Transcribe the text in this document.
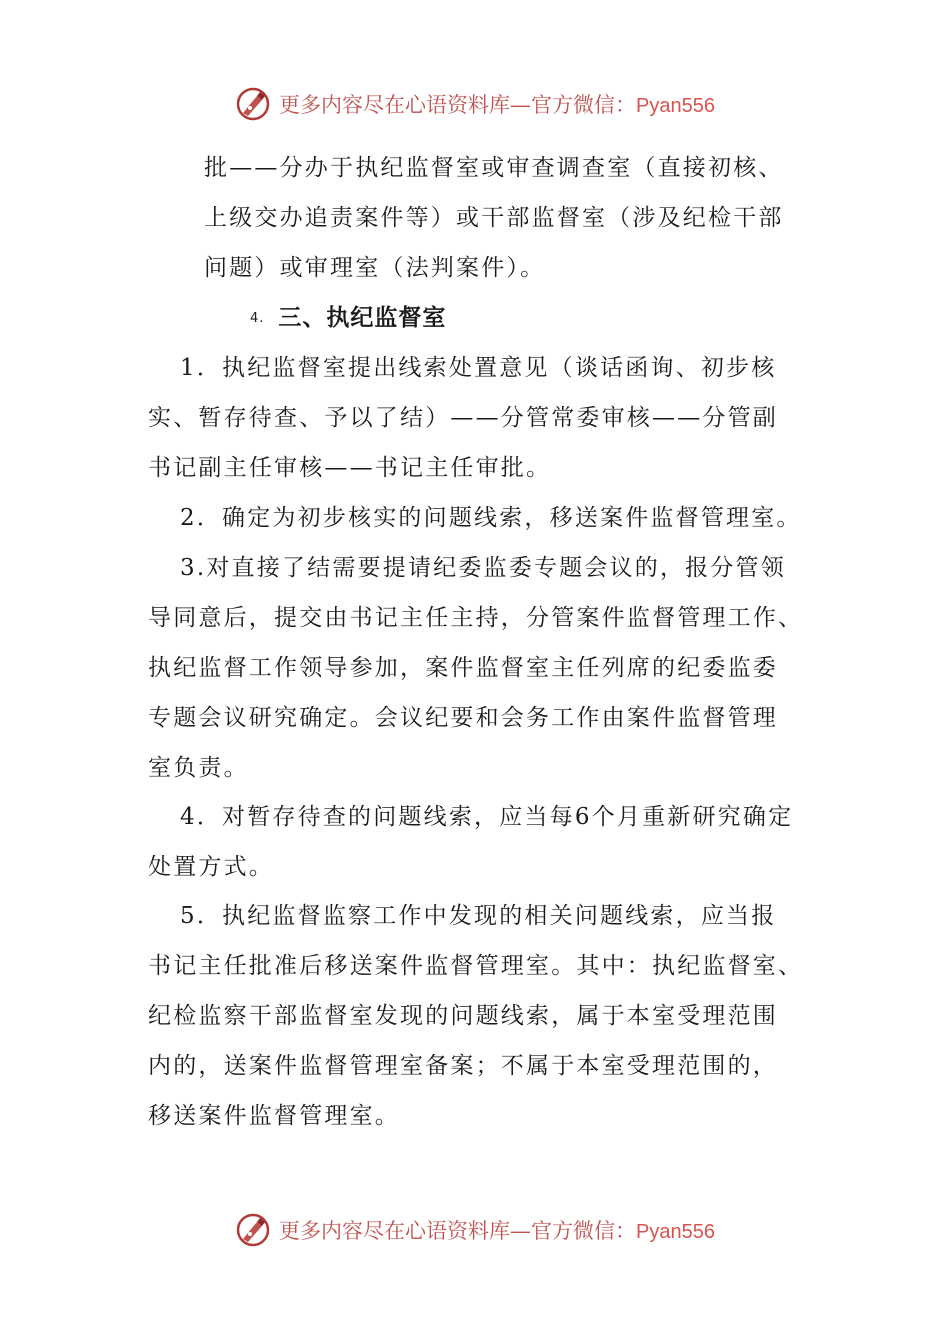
更多内容尽在心语资料库—官方微信：Pyan556
批——分办于执纪监督室或审查调查室（直接初核、
上级交办追责案件等）或干部监督室（涉及纪检干部
问题）或审理室（法判案件）。
4. 三、执纪监督室
1．执纪监督室提出线索处置意见（谈话函询、初步核
实、暂存待查、予以了结）——分管常委审核——分管副
书记副主任审核——书记主任审批。
2．确定为初步核实的问题线索，移送案件监督管理室。
3.对直接了结需要提请纪委监委专题会议的，报分管领
导同意后，提交由书记主任主持，分管案件监督管理工作、
执纪监督工作领导参加，案件监督室主任列席的纪委监委
专题会议研究确定。会议纪要和会务工作由案件监督管理
室负责。
4．对暂存待查的问题线索，应当每6个月重新研究确定
处置方式。
5．执纪监督监察工作中发现的相关问题线索，应当报
书记主任批准后移送案件监督管理室。其中：执纪监督室、
纪检监察干部监督室发现的问题线索，属于本室受理范围
内的，送案件监督管理室备案；不属于本室受理范围的，
移送案件监督管理室。
更多内容尽在心语资料库—官方微信：Pyan556
